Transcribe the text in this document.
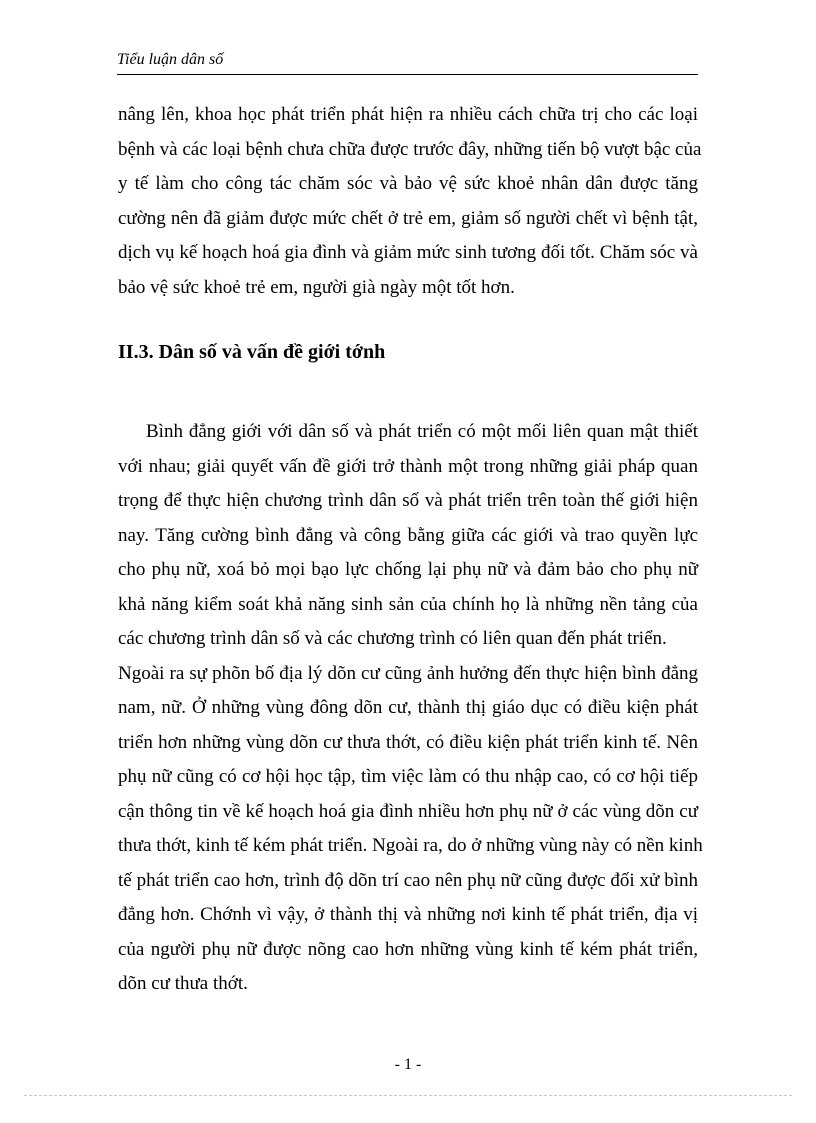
Tiểu luận dân số
nâng lên, khoa học phát triển phát hiện ra nhiều cách chữa trị cho các loại
bệnh và các loại bệnh chưa chữa được trước đây, những tiến bộ vượt bậc của
y tế làm cho công tác chăm sóc và bảo vệ sức khoẻ nhân dân được tăng
cường nên đã giảm được mức chết ở trẻ em, giảm số người chết vì bệnh tật,
dịch vụ kế hoạch hoá gia đình và giảm mức sinh tương đối tốt. Chăm sóc và
bảo vệ sức khoẻ trẻ em, người già ngày một tốt hơn.
II.3. Dân số và vấn đề giới tớnh
Bình đẳng giới với dân số và phát triển có một mối liên quan mật thiết
với nhau; giải quyết vấn đề giới trở thành một trong những giải pháp quan
trọng để thực hiện chương trình dân số và phát triển trên toàn thế giới hiện
nay. Tăng cường bình đẳng và công bằng giữa các giới và trao quyền lực
cho phụ nữ, xoá bỏ mọi bạo lực chống lại phụ nữ và đảm bảo cho phụ nữ
khả năng kiểm soát khả năng sinh sản của chính họ là những nền tảng của
các chương trình dân số và các chương trình có liên quan đến phát triển.
Ngoài ra sự phõn bố địa lý dõn cư cũng ảnh hưởng đến thực hiện bình đẳng
nam, nữ. Ở những vùng đông dõn cư, thành thị giáo dục có điều kiện phát
triển hơn những vùng dõn cư thưa thớt, có điều kiện phát triển kinh tế. Nên
phụ nữ cũng có cơ hội học tập, tìm việc làm có thu nhập cao, có cơ hội tiếp
cận thông tin về kế hoạch hoá gia đình nhiều hơn phụ nữ ở các vùng dõn cư
thưa thớt, kinh tế kém phát triển. Ngoài ra, do ở những vùng này có nền kinh
tế phát triển cao hơn, trình độ dõn trí cao nên phụ nữ cũng được đối xử bình
đẳng hơn. Chớnh vì vậy, ở thành thị và những nơi kinh tế phát triển, địa vị
của người phụ nữ được nõng cao hơn những vùng kinh tế kém phát triển,
dõn cư thưa thớt.
- 1 -
